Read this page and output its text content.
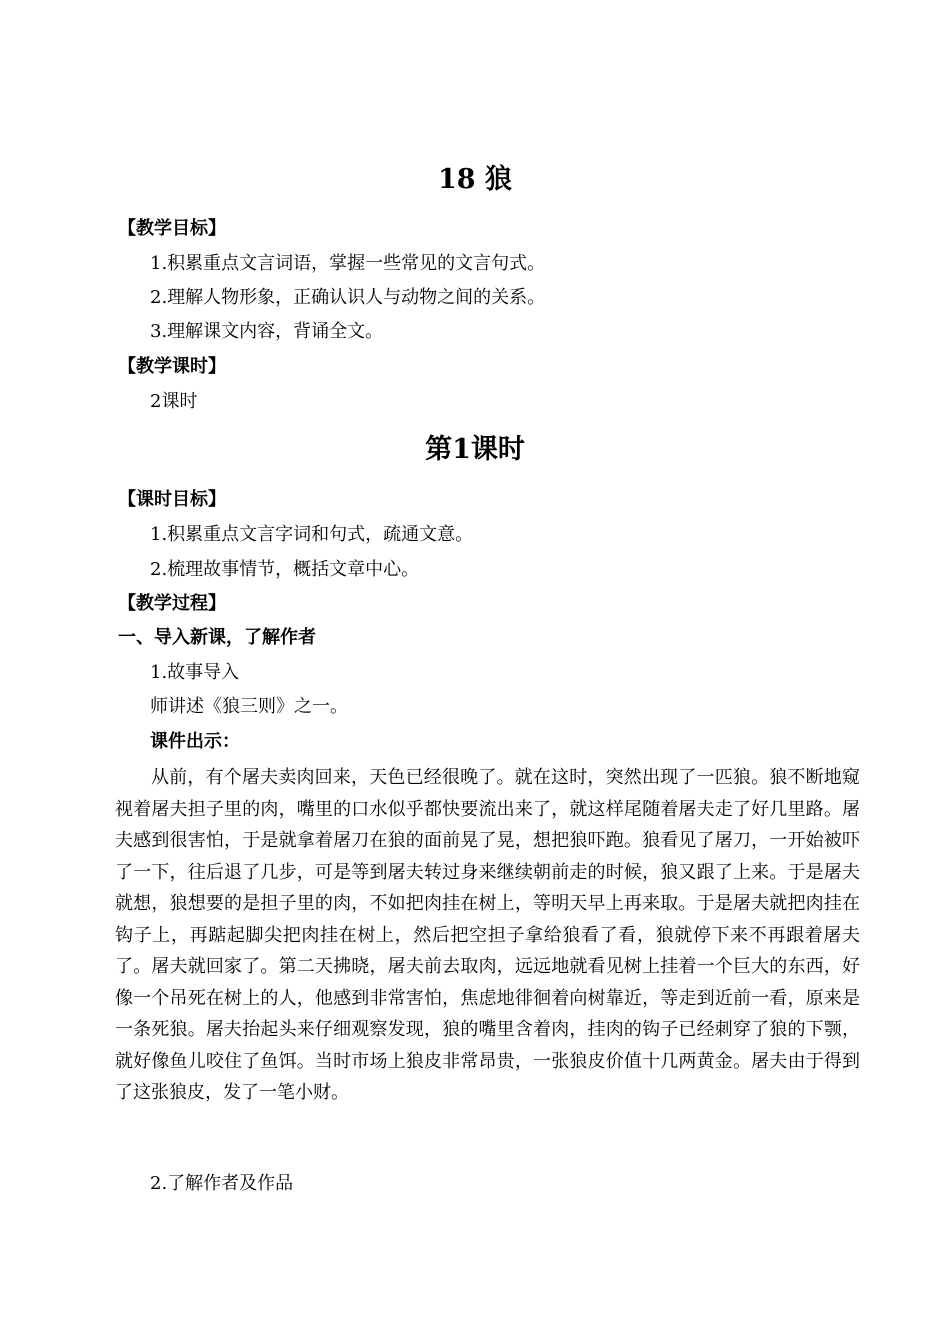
18 狼
【教学目标】
1.积累重点文言词语，掌握一些常见的文言句式。
2.理解人物形象，正确认识人与动物之间的关系。
3.理解课文内容，背诵全文。
【教学课时】
2课时
第1课时
【课时目标】
1.积累重点文言字词和句式，疏通文意。
2.梳理故事情节，概括文章中心。
【教学过程】
一、导入新课，了解作者
1.故事导入
师讲述《狼三则》之一。
课件出示：
从前，有个屠夫卖肉回来，天色已经很晚了。就在这时，突然出现了一匹狼。狼不断地窥视着屠夫担子里的肉，嘴里的口水似乎都快要流出来了，就这样尾随着屠夫走了好几里路。屠夫感到很害怕，于是就拿着屠刀在狼的面前晃了晃，想把狼吓跑。狼看见了屠刀，一开始被吓了一下，往后退了几步，可是等到屠夫转过身来继续朝前走的时候，狼又跟了上来。于是屠夫就想，狼想要的是担子里的肉，不如把肉挂在树上，等明天早上再来取。于是屠夫就把肉挂在钩子上，再踮起脚尖把肉挂在树上，然后把空担子拿给狼看了看，狼就停下来不再跟着屠夫了。屠夫就回家了。第二天拂晓，屠夫前去取肉，远远地就看见树上挂着一个巨大的东西，好像一个吊死在树上的人，他感到非常害怕，焦虑地徘徊着向树靠近，等走到近前一看，原来是一条死狼。屠夫抬起头来仔细观察发现，狼的嘴里含着肉，挂肉的钩子已经刺穿了狼的下颚，就好像鱼儿咬住了鱼饵。当时市场上狼皮非常昂贵，一张狼皮价值十几两黄金。屠夫由于得到了这张狼皮，发了一笔小财。
2.了解作者及作品
